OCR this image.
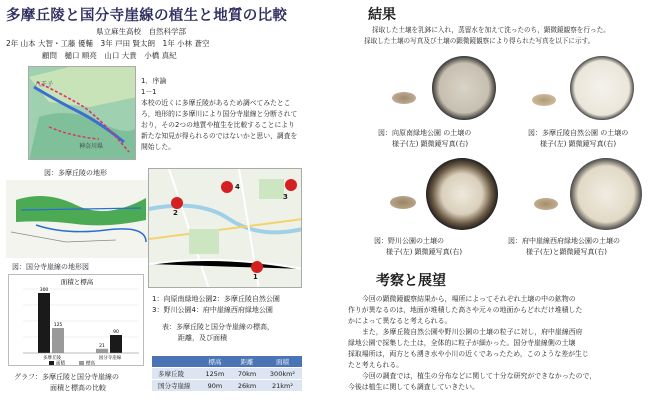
多摩丘陵と国分寺崖線の植生と地質の比較
県立麻生高校　自然科学部
2年 山本 大智・工藤 優輔　3年 戸田 賢太朗　1年 小林 蒼空
顧問　樋口 順亮　山口 大貴　小橋 真紀
八王子
神奈川県
図：多摩丘陵の地形
1．序論
1－1
本校の近くに多摩丘陵があるため調べてみたところ，地形的に多摩川により国分寺崖線と分断されており，その2つの地質や植生を比較することにより新たな知見が得られるのではないかと思い，調査を開始した。
図：国分寺崖線の地形図
面積と標高
300
125
多摩丘陵
21
90
国分寺崖線
面積	標高
グラフ：多摩丘陵と国分寺崖線の
面積と標高の比較
4
3
2
1
1：向原南緑地公園2：多摩丘陵自然公園
3：野川公園4：府中崖線西府緑地公園
表：多摩丘陵と国分寺崖線の標高，
距離，及び面積
	標高	距離	面積
多摩丘陵	125m	70km	300km²
国分寺崖線	90m	26km	21km²
結果
採取した土壌を乳鉢に入れ，蒸留水を加えて洗ったのち，顕微鏡観察を行った。
採取した土壌の写真及び土壌の顕微鏡観察により得られた写真を以下に示す。
図：向原南緑地公園 の土壌の
様子(左) 顕微鏡写真(右)
図：多摩丘陵自然公園 の土壌の
様子(左) 顕微鏡写真(右)
図：野川公園の土壌の
様子(左) 顕微鏡写真(右)
図：府中崖線西府緑地公園の土壌の
様子(左)と顕微鏡写真(右)
考察と展望
今回の顕微鏡観察結果から，場所によってそれぞれ土壌の中の鉱物の
作りが異なるのは，地面が堆積した高さや元々の地面からどれだけ堆積した
かによって異なると考えられる。
また，多摩丘陵自然公園や野川公園の土壌の粒子に対し，府中崖線西府
緑地公園で採集した土は，全体的に粒子が細かった。国分寺崖線側の土壌
採取場所は，両方とも湧き水や小川の近くであったため，このような差が生じ
たと考えられる。
今回の調査では，植生の分布などに関して十分な研究ができなかったので，
今後は植生に関しても調査していきたい。
